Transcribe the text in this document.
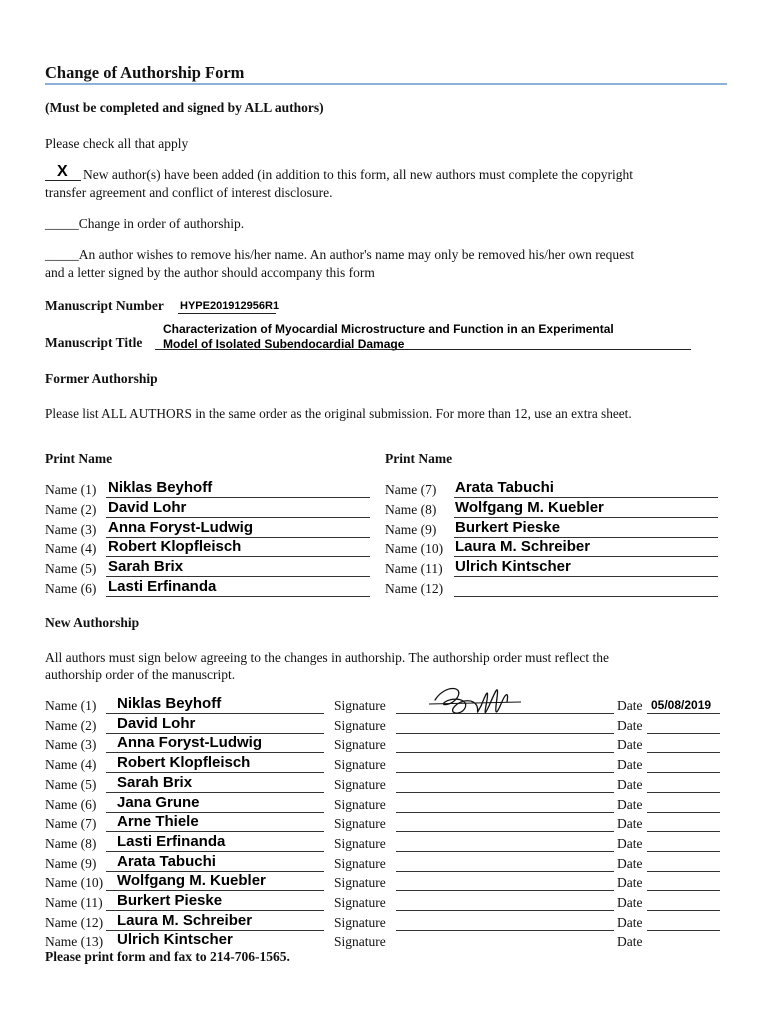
Change of Authorship Form
(Must be completed and signed by ALL authors)
Please check all that apply
X New author(s) have been added (in addition to this form, all new authors must complete the copyright
transfer agreement and conflict of interest disclosure.
_____Change in order of authorship.
_____An author wishes to remove his/her name. An author's name may only be removed his/her own request
and a letter signed by the author should accompany this form
Manuscript Number HYPE201912956R1
Manuscript Title
Characterization of Myocardial Microstructure and Function in an Experimental
Model of Isolated Subendocardial Damage
Former Authorship
Please list ALL AUTHORS in the same order as the original submission. For more than 12, use an extra sheet.
Print Name	Print Name
Name (1) Niklas Beyhoff
Name (2) David Lohr
Name (3) Anna Foryst-Ludwig
Name (4) Robert Klopfleisch
Name (5) Sarah Brix
Name (6) Lasti Erfinanda
Name (7) Arata Tabuchi
Name (8) Wolfgang M. Kuebler
Name (9) Burkert Pieske
Name (10) Laura M. Schreiber
Name (11) Ulrich Kintscher
Name (12)
New Authorship
All authors must sign below agreeing to the changes in authorship. The authorship order must reflect the
authorship order of the manuscript.
Name (1) Niklas Beyhoff	Signature	Date 05/08/2019
Name (2) David Lohr	Signature	Date
Name (3) Anna Foryst-Ludwig	Signature	Date
Name (4) Robert Klopfleisch	Signature	Date
Name (5) Sarah Brix	Signature	Date
Name (6) Jana Grune	Signature	Date
Name (7) Arne Thiele	Signature	Date
Name (8) Lasti Erfinanda	Signature	Date
Name (9) Arata Tabuchi	Signature	Date
Name (10) Wolfgang M. Kuebler	Signature	Date
Name (11) Burkert Pieske	Signature	Date
Name (12) Laura M. Schreiber	Signature	Date
Name (13) Ulrich Kintscher	Signature	Date
Please print form and fax to 214-706-1565.
